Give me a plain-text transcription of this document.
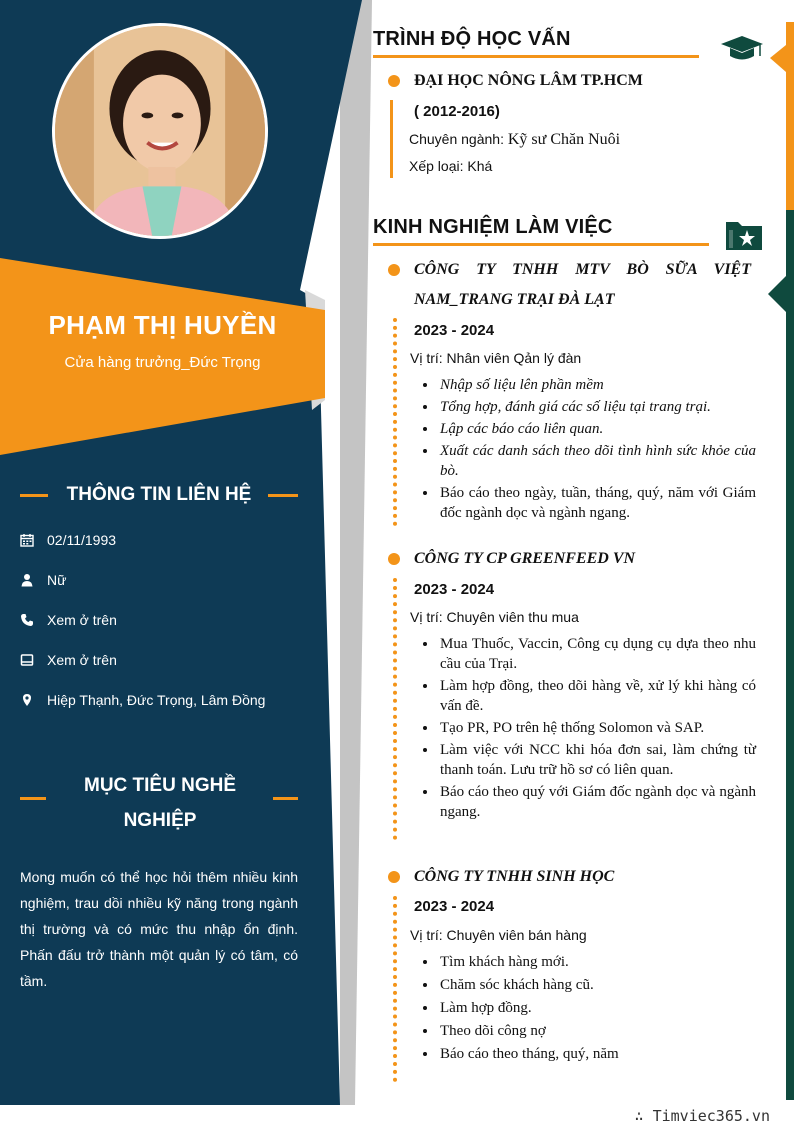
PHẠM THỊ HUYỀN
Cửa hàng trưởng_Đức Trọng
THÔNG TIN LIÊN HỆ
02/11/1993
Nữ
Xem ở trên
Xem ở trên
Hiệp Thạnh, Đức Trọng, Lâm Đồng
MỤC TIÊU NGHỀ
NGHIỆP
Mong muốn có thể học hỏi thêm nhiều kinh nghiệm, trau dồi nhiều kỹ năng trong ngành thị trường và có mức thu nhập ổn định. Phấn đấu trở thành một quản lý có tâm, có tầm.
TRÌNH ĐỘ HỌC VẤN
ĐẠI HỌC NÔNG LÂM TP.HCM
( 2012-2016)
Chuyên ngành: Kỹ sư Chăn Nuôi
Xếp loại: Khá
KINH NGHIỆM LÀM VIỆC
CÔNG TY TNHH MTV BÒ SỮA VIỆT
NAM_TRANG TRẠI ĐÀ LẠT
2023 - 2024
Vị trí: Nhân viên Qản lý đàn
• Nhập số liệu lên phần mềm
• Tổng hợp, đánh giá các số liệu tại trang trại.
• Lập các báo cáo liên quan.
• Xuất các danh sách theo dõi tình hình sức khỏe của bò.
• Báo cáo theo ngày, tuần, tháng, quý, năm với Giám đốc ngành dọc và ngành ngang.
CÔNG TY CP GREENFEED VN
2023 - 2024
Vị trí: Chuyên viên thu mua
• Mua Thuốc, Vaccin, Công cụ dụng cụ dựa theo nhu cầu của Trại.
• Làm hợp đồng, theo dõi hàng về, xử lý khi hàng có vấn đề.
• Tạo PR, PO trên hệ thống Solomon và SAP.
• Làm việc với NCC khi hóa đơn sai, làm chứng từ thanh toán. Lưu trữ hồ sơ có liên quan.
• Báo cáo theo quý với Giám đốc ngành dọc và ngành ngang.
CÔNG TY TNHH SINH HỌC
2023 - 2024
Vị trí: Chuyên viên bán hàng
• Tìm khách hàng mới.
• Chăm sóc khách hàng cũ.
• Làm hợp đồng.
• Theo dõi công nợ
• Báo cáo theo tháng, quý, năm
∴ Timviec365.vn
